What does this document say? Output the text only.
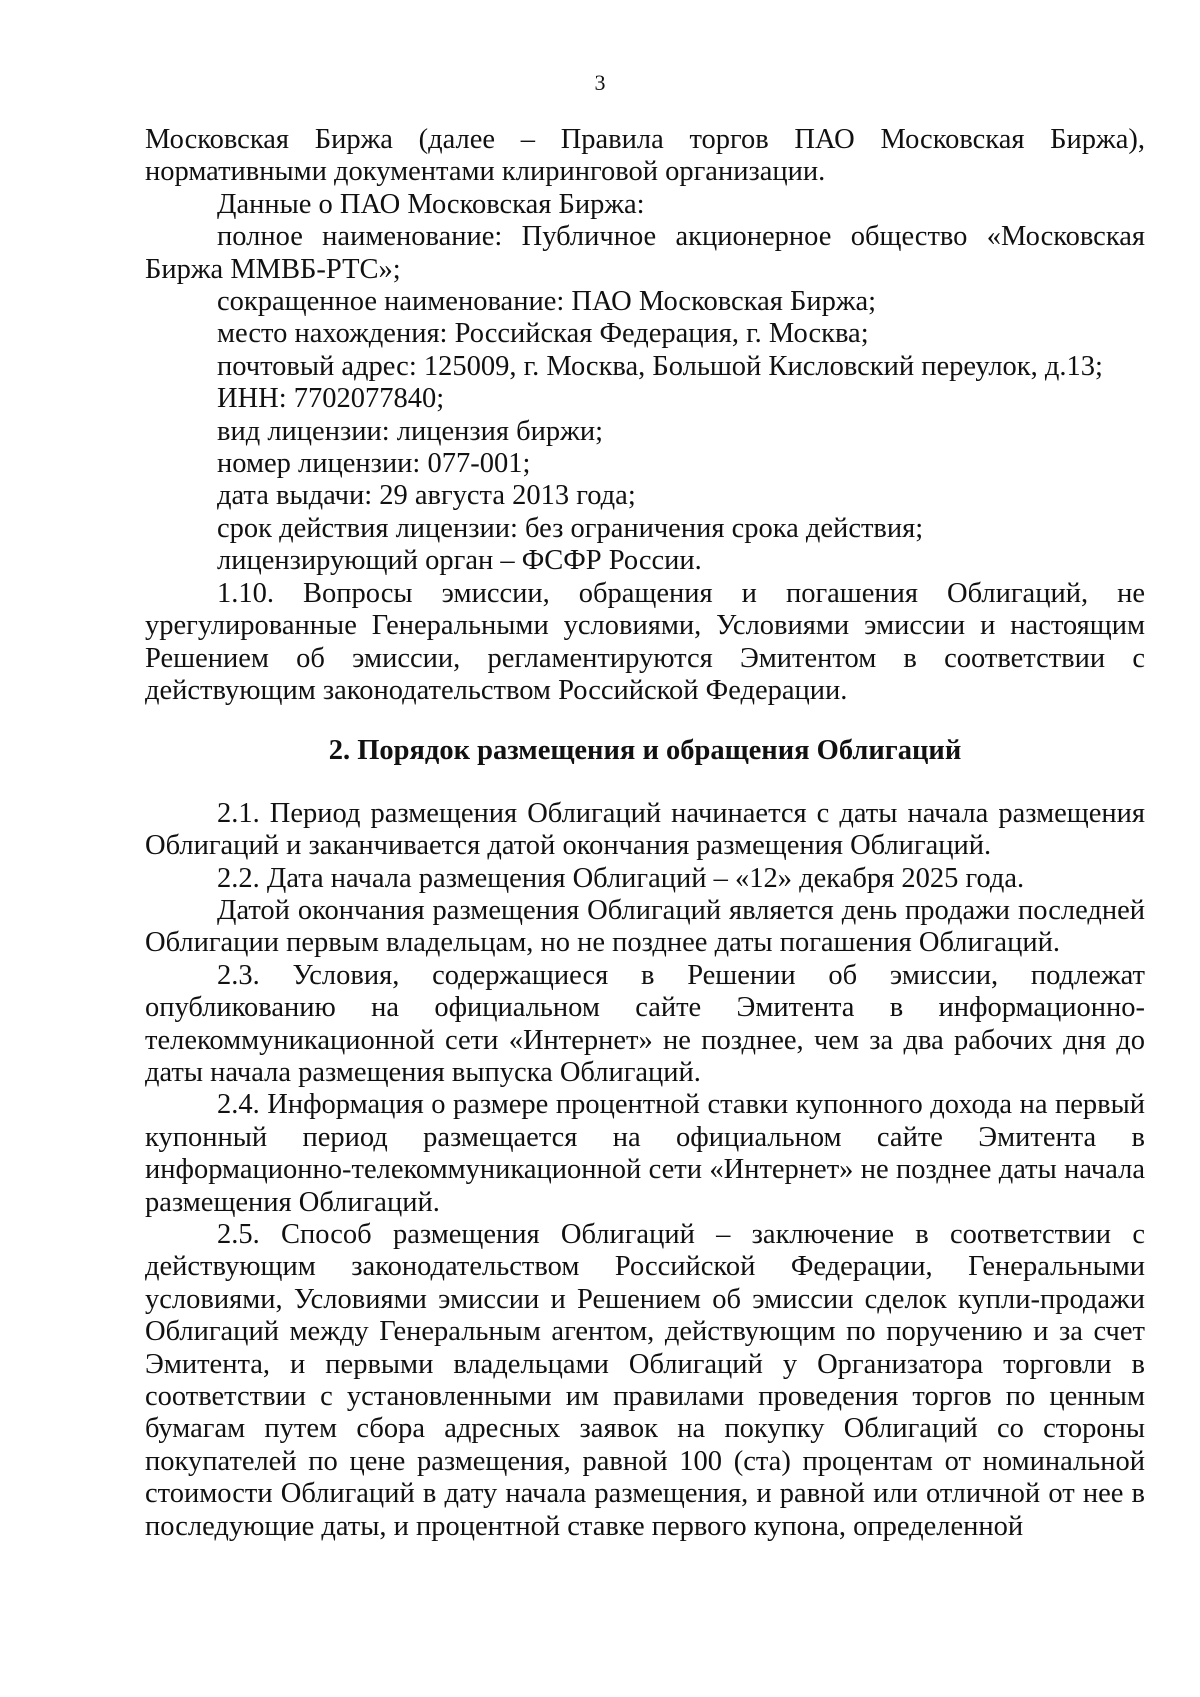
3

Московская Биржа (далее – Правила торгов ПАО Московская Биржа), нормативными документами клиринговой организации.

Данные о ПАО Московская Биржа:

полное наименование: Публичное акционерное общество «Московская Биржа ММВБ-РТС»;

сокращенное наименование: ПАО Московская Биржа;

место нахождения: Российская Федерация, г. Москва;

почтовый адрес: 125009, г. Москва, Большой Кисловский переулок, д.13;

ИНН: 7702077840;

вид лицензии: лицензия биржи;

номер лицензии: 077-001;

дата выдачи: 29 августа 2013 года;

срок действия лицензии: без ограничения срока действия;

лицензирующий орган – ФСФР России.

1.10. Вопросы эмиссии, обращения и погашения Облигаций, не урегулированные Генеральными условиями, Условиями эмиссии и настоящим Решением об эмиссии, регламентируются Эмитентом в соответствии с действующим законодательством Российской Федерации.

2. Порядок размещения и обращения Облигаций

2.1. Период размещения Облигаций начинается с даты начала размещения Облигаций и заканчивается датой окончания размещения Облигаций.

2.2. Дата начала размещения Облигаций – «12» декабря 2025 года.

Датой окончания размещения Облигаций является день продажи последней Облигации первым владельцам, но не позднее даты погашения Облигаций.

2.3. Условия, содержащиеся в Решении об эмиссии, подлежат опубликованию на официальном сайте Эмитента в информационно-телекоммуникационной сети «Интернет» не позднее, чем за два рабочих дня до даты начала размещения выпуска Облигаций.

2.4. Информация о размере процентной ставки купонного дохода на первый купонный период размещается на официальном сайте Эмитента в информационно-телекоммуникационной сети «Интернет» не позднее даты начала размещения Облигаций.

2.5. Способ размещения Облигаций – заключение в соответствии с действующим законодательством Российской Федерации, Генеральными условиями, Условиями эмиссии и Решением об эмиссии сделок купли-продажи Облигаций между Генеральным агентом, действующим по поручению и за счет Эмитента, и первыми владельцами Облигаций у Организатора торговли в соответствии с установленными им правилами проведения торгов по ценным бумагам путем сбора адресных заявок на покупку Облигаций со стороны покупателей по цене размещения, равной 100 (ста) процентам от номинальной стоимости Облигаций в дату начала размещения, и равной или отличной от нее в последующие даты, и процентной ставке первого купона, определенной
